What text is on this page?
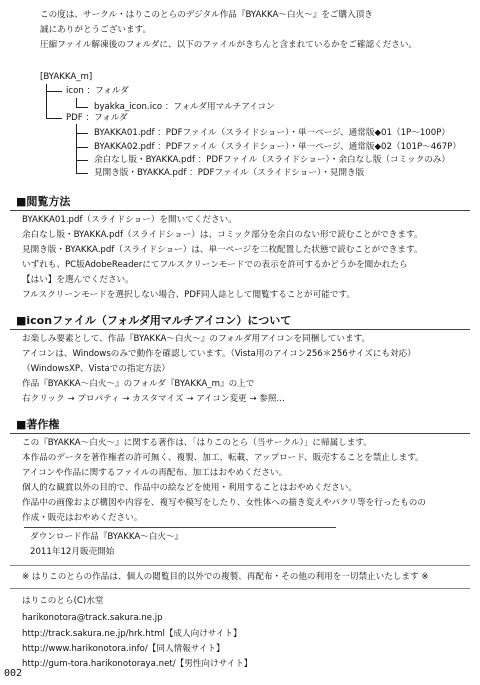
この度は、サークル・はりこのとらのデジタル作品『BYAKKA～白火～』をご購入頂き
誠にありがとうございます。
圧縮ファイル解凍後のフォルダに、以下のファイルがきちんと含まれているかをご確認ください。
[BYAKKA_m]
icon ：フォルダ
byakka_icon.ico ：フォルダ用マルチアイコン
PDF ：フォルダ
BYAKKA01.pdf ：PDFファイル（スライドショー）・単一ページ、通常版◆01（1P～100P）
BYAKKA02.pdf ：PDFファイル（スライドショー）・単一ページ、通常版◆02（101P～467P）
余白なし版・BYAKKA.pdf ：PDFファイル（スライドショー）・余白なし版（コミックのみ）
見開き版・BYAKKA.pdf ：PDFファイル（スライドショー）・見開き版
■閲覧方法
BYAKKA01.pdf（スライドショー）を開いてください。
余白なし版・BYAKKA.pdf（スライドショー）は、コミック部分を余白のない形で読むことができます。
見開き版・BYAKKA.pdf（スライドショー）は、単一ページを二枚配置した状態で読むことができます。
いずれも、PC版AdobeReaderにてフルスクリーンモードでの表示を許可するかどうかを聞かれたら
【はい】を選んでください。
フルスクリーンモードを選択しない場合、PDF同人誌として閲覧することが可能です。
■iconファイル（フォルダ用マルチアイコン）について
お楽しみ要素として、作品『BYAKKA～白火～』のフォルダ用アイコンを同梱しています。
アイコンは、Windowsのみで動作を確認しています。（Vista用のアイコン256＊256サイズにも対応）
（WindowsXP、Vistaでの指定方法）
作品『BYAKKA～白火～』のフォルダ『BYAKKA_m』の上で
右クリック → プロパティ → カスタマイズ → アイコン変更 → 参照...
■著作権
この『BYAKKA～白火～』に関する著作は、「はりこのとら（当サークル）」に帰属します。
本作品のデータを著作権者の許可無く、複製、加工、転載、アップロード、販売することを禁止します。
アイコンや作品に関するファイルの再配布、加工はおやめください。
個人的な観賞以外の目的で、作品中の絵などを使用・利用することはおやめください。
作品中の画像および構図や内容を、複写や模写をしたり、女性体への描き変えやパクリ等を行ったものの
作成・販売はおやめください。
ダウンロード作品『BYAKKA～白火～』
2011年12月販売開始
※ はりこのとらの作品は、個人の閲覧目的以外での複製、再配布・その他の利用を一切禁止いたします ※
はりこのとら(C)水堂
harikonotora@track.sakura.ne.jp
http://track.sakura.ne.jp/hrk.html【成人向けサイト】
http://www.harikonotora.info/【同人情報サイト】
http://gum-tora.harikonotoraya.net/【男性向けサイト】
002
